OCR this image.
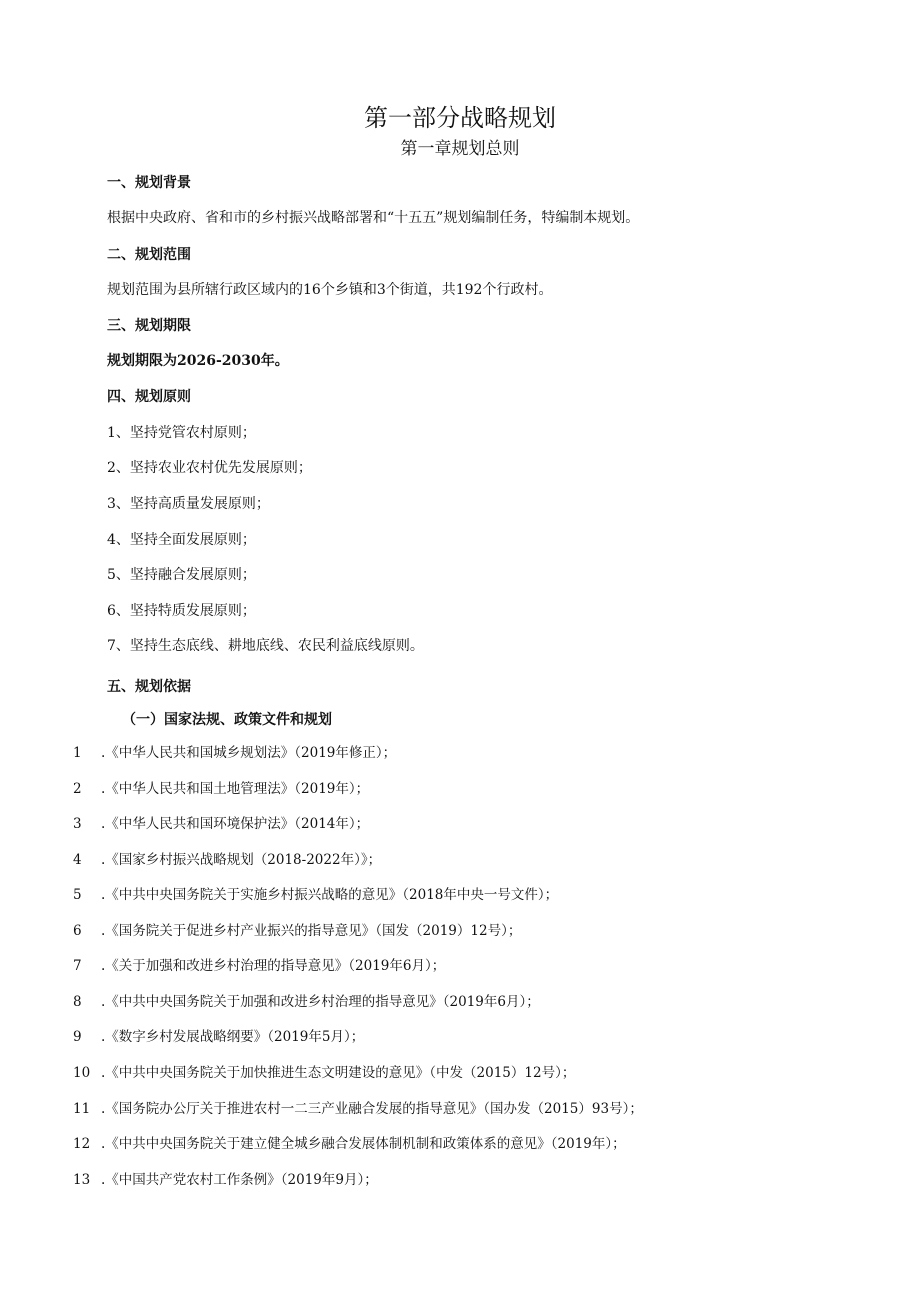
第一部分战略规划
第一章规划总则
一、规划背景
根据中央政府、省和市的乡村振兴战略部署和“十五五”规划编制任务，特编制本规划。
二、规划范围
规划范围为县所辖行政区域内的16个乡镇和3个街道，共192个行政村。
三、规划期限
规划期限为2026-2030年。
四、规划原则
1、坚持党管农村原则；
2、坚持农业农村优先发展原则；
3、坚持高质量发展原则；
4、坚持全面发展原则；
5、坚持融合发展原则；
6、坚持特质发展原则；
7、坚持生态底线、耕地底线、农民利益底线原则。
五、规划依据
（一）国家法规、政策文件和规划
1 .《中华人民共和国城乡规划法》（2019年修正）；
2 .《中华人民共和国土地管理法》（2019年）；
3 .《中华人民共和国环境保护法》（2014年）；
4 .《国家乡村振兴战略规划（2018-2022年）》；
5 .《中共中央国务院关于实施乡村振兴战略的意见》（2018年中央一号文件）；
6 .《国务院关于促进乡村产业振兴的指导意见》（国发（2019）12号）；
7 .《关于加强和改进乡村治理的指导意见》（2019年6月）；
8 .《中共中央国务院关于加强和改进乡村治理的指导意见》（2019年6月）；
9 .《数字乡村发展战略纲要》（2019年5月）；
10 .《中共中央国务院关于加快推进生态文明建设的意见》（中发（2015）12号）；
11 .《国务院办公厅关于推进农村一二三产业融合发展的指导意见》（国办发（2015）93号）；
12 .《中共中央国务院关于建立健全城乡融合发展体制机制和政策体系的意见》（2019年）；
13 .《中国共产党农村工作条例》（2019年9月）；
